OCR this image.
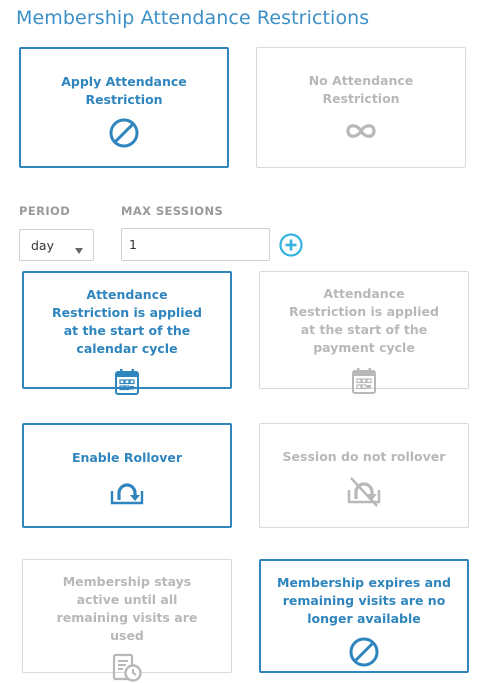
Membership Attendance Restrictions
Apply Attendance Restriction
No Attendance Restriction
PERIOD	MAX SESSIONS
day
1
Attendance Restriction is applied at the start of the calendar cycle
Attendance Restriction is applied at the start of the payment cycle
Enable Rollover	Session do not rollover
Membership stays active until all remaining visits are used
Membership expires and remaining visits are no longer available
